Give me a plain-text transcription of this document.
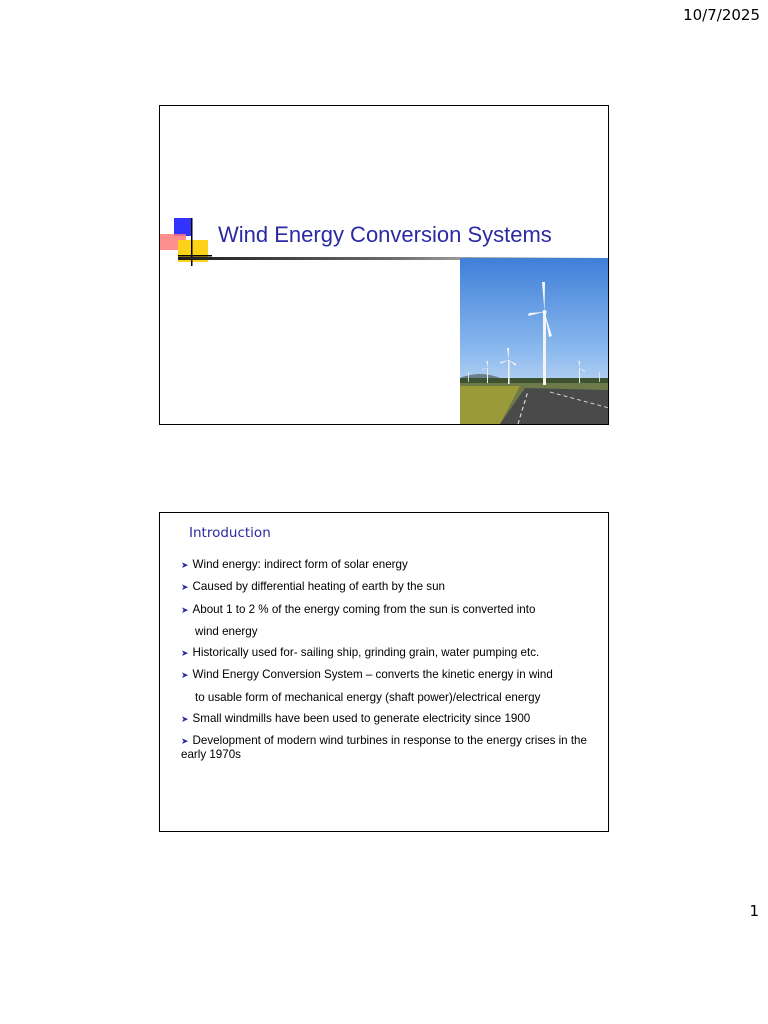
10/7/2025
Wind Energy Conversion Systems
Introduction
➤ Wind energy: indirect form of solar energy
➤ Caused by differential heating of earth by the sun
➤ About 1 to 2 % of the energy coming from the sun is converted into
wind energy
➤ Historically used for- sailing ship, grinding grain, water pumping etc.
➤ Wind Energy Conversion System – converts the kinetic energy in wind
to usable form of mechanical energy (shaft power)/electrical energy
➤ Small windmills have been used to generate electricity since 1900
➤ Development of modern wind turbines in response to the energy crises in the early 1970s
1
